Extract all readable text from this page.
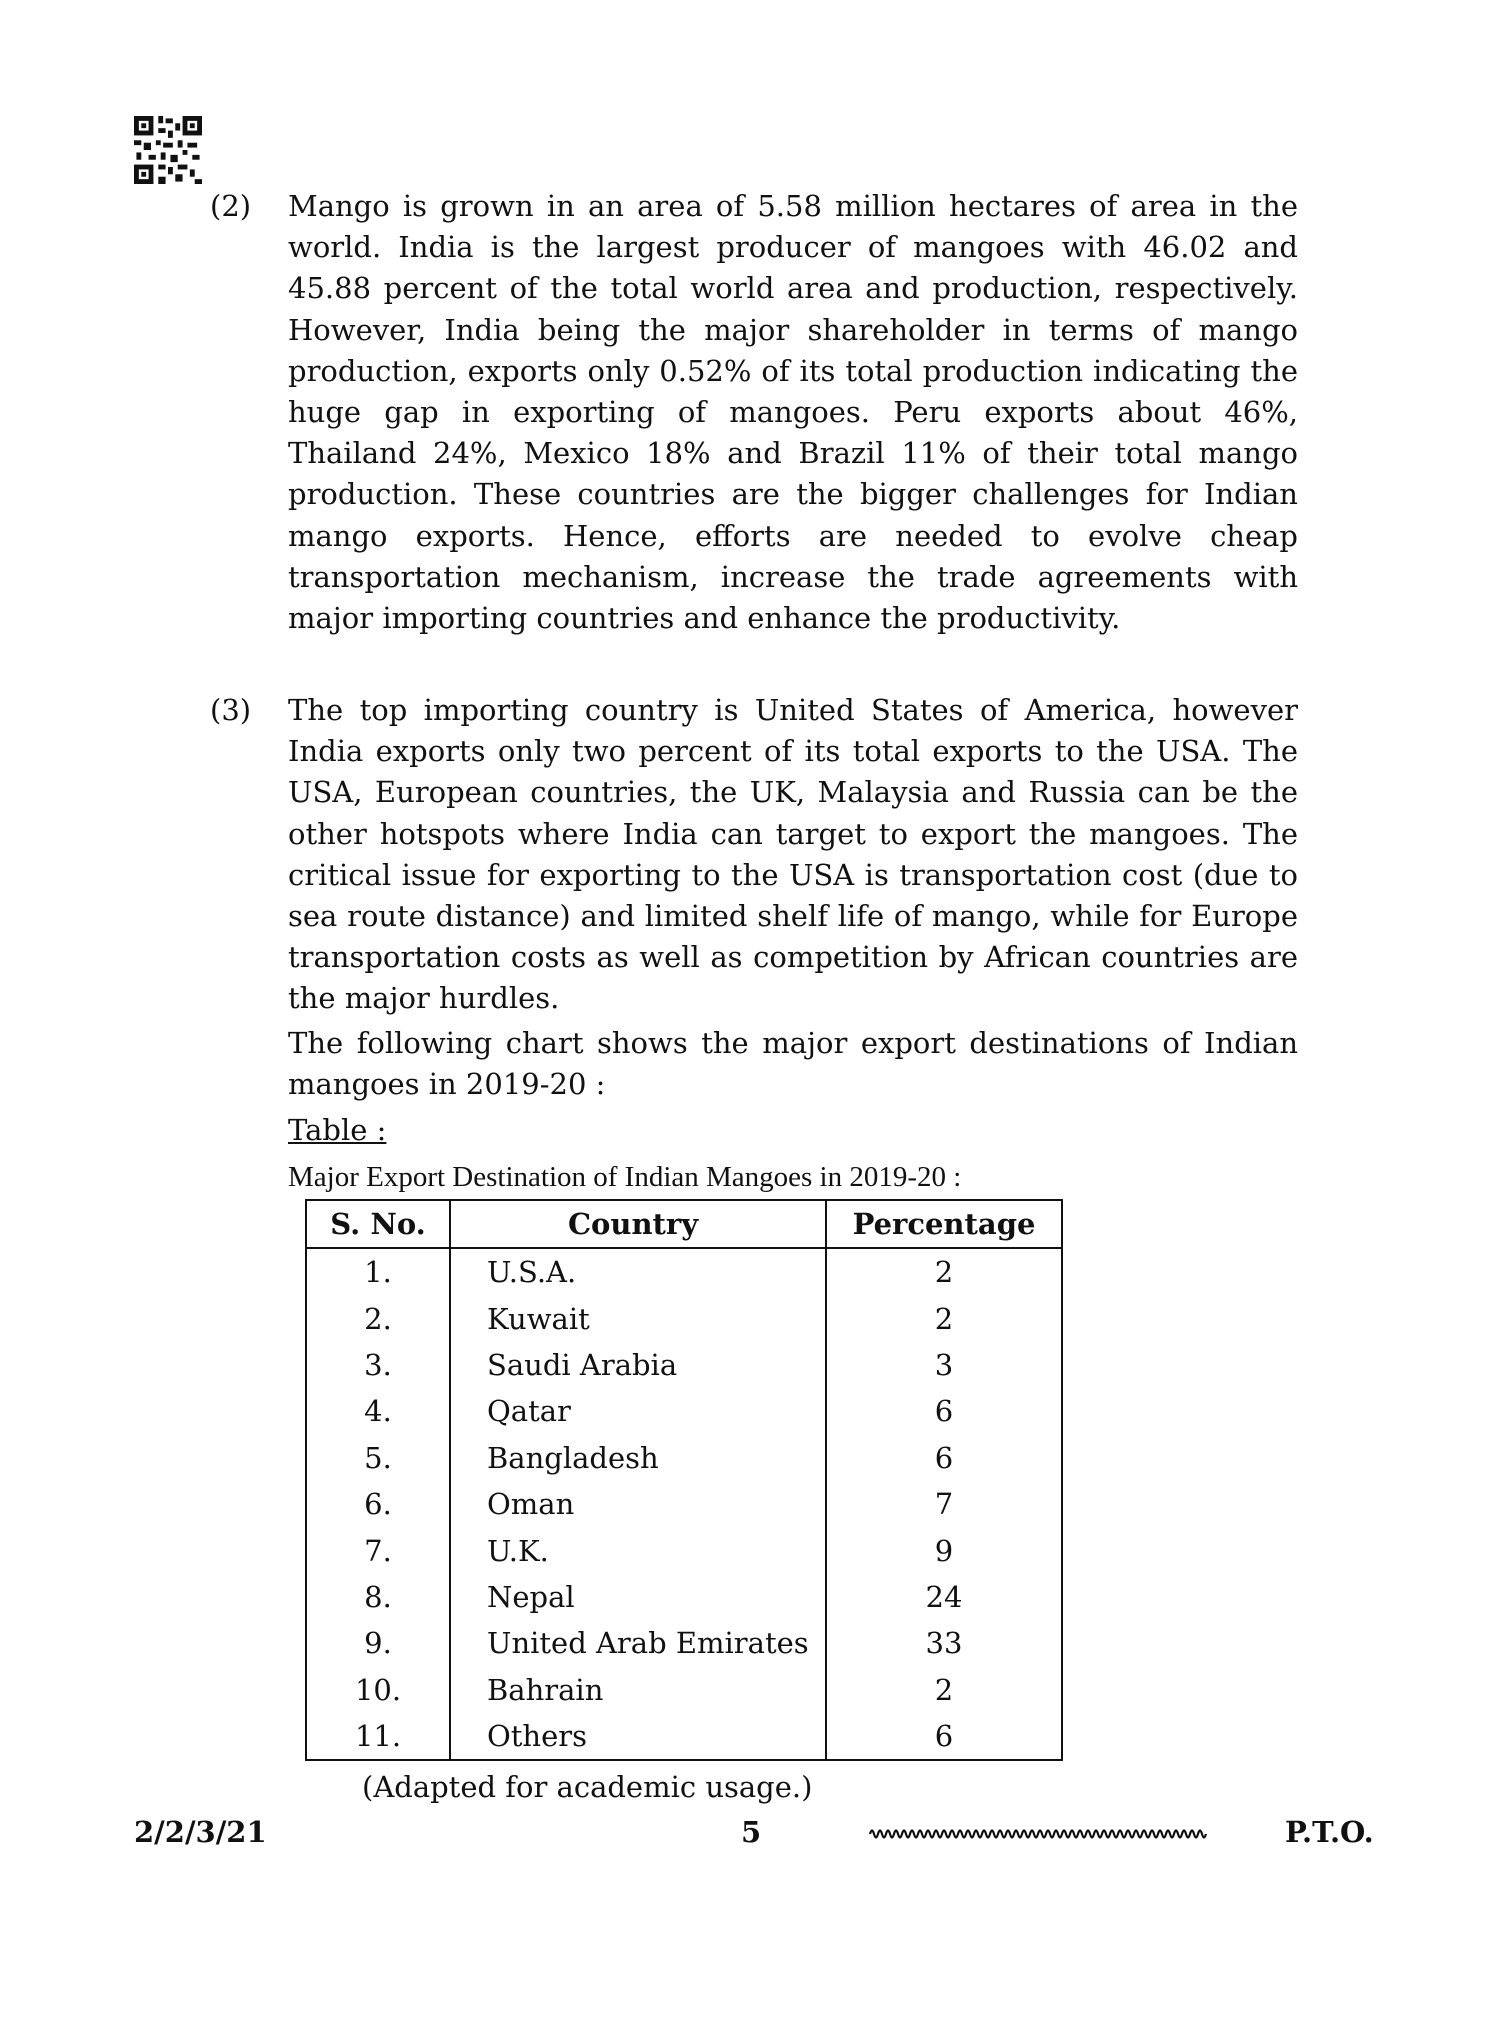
(2) Mango is grown in an area of 5.58 million hectares of area in the world. India is the largest producer of mangoes with 46.02 and 45.88 percent of the total world area and production, respectively. However, India being the major shareholder in terms of mango production, exports only 0.52% of its total production indicating the huge gap in exporting of mangoes. Peru exports about 46%, Thailand 24%, Mexico 18% and Brazil 11% of their total mango production. These countries are the bigger challenges for Indian mango exports. Hence, efforts are needed to evolve cheap transportation mechanism, increase the trade agreements with major importing countries and enhance the productivity.
(3) The top importing country is United States of America, however India exports only two percent of its total exports to the USA. The USA, European countries, the UK, Malaysia and Russia can be the other hotspots where India can target to export the mangoes. The critical issue for exporting to the USA is transportation cost (due to sea route distance) and limited shelf life of mango, while for Europe transportation costs as well as competition by African countries are the major hurdles.
The following chart shows the major export destinations of Indian mangoes in 2019-20 :
Table :
Major Export Destination of Indian Mangoes in 2019-20 :
S. No.	Country	Percentage
1.	U.S.A.	2
2.	Kuwait	2
3.	Saudi Arabia	3
4.	Qatar	6
5.	Bangladesh	6
6.	Oman	7
7.	U.K.	9
8.	Nepal	24
9.	United Arab Emirates	33
10.	Bahrain	2
11.	Others	6
(Adapted for academic usage.)
2/2/3/21	5	P.T.O.
